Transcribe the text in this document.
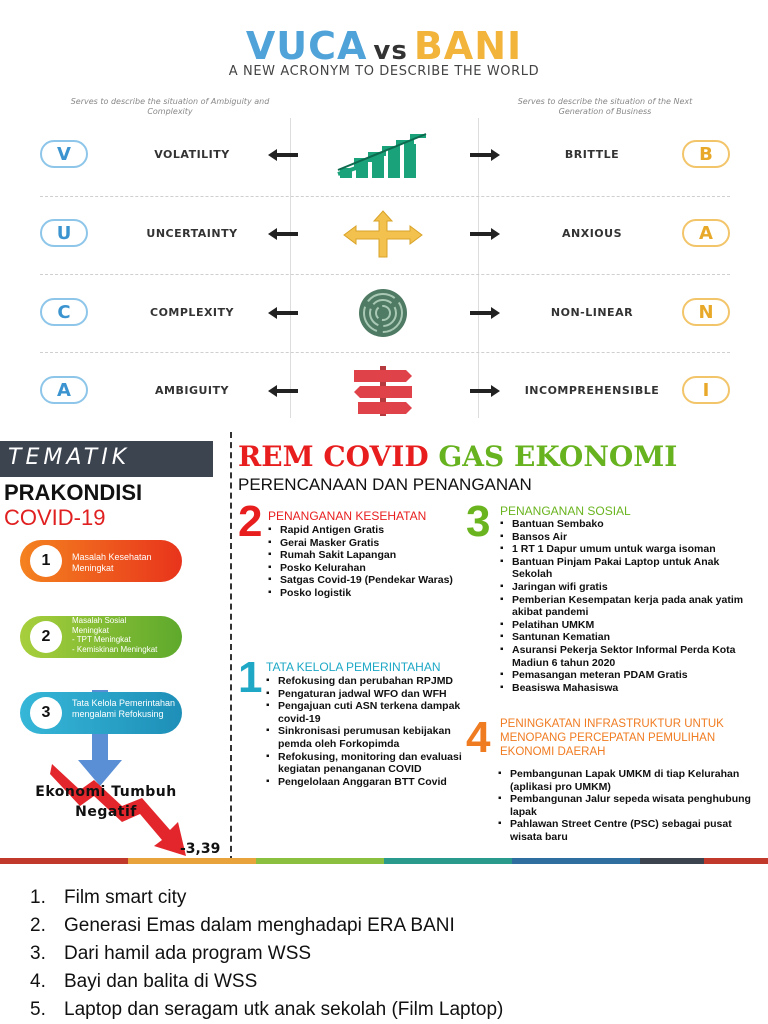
VUCA vs BANI
A NEW ACRONYM TO DESCRIBE THE WORLD
Serves to describe the situation of Ambiguity and Complexity
Serves to describe the situation of the Next Generation of Business
V	VOLATILITY	BRITTLE	B
U	UNCERTAINTY	ANXIOUS	A
C	COMPLEXITY	NON-LINEAR	N
A	AMBIGUITY	INCOMPREHENSIBLE	I
TEMATIK
PRAKONDISI
COVID-19
1	Masalah Kesehatan Meningkat
2
Masalah Sosial
Meningkat
- TPT Meningkat
- Kemiskinan Meningkat
3
Tata Kelola Pemerintahan mengalami Refokusing
Ekonomi Tumbuh
Negatif
-3,39
REM COVID GAS EKONOMI
PERENCANAAN DAN PENANGANAN
2 PENANGANAN KESEHATAN
▪ Rapid Antigen Gratis
▪ Gerai Masker Gratis
▪ Rumah Sakit Lapangan
▪ Posko Kelurahan
▪ Satgas Covid-19 (Pendekar Waras)
▪ Posko logistik
1 TATA KELOLA PEMERINTAHAN
▪ Refokusing dan perubahan RPJMD
▪ Pengaturan jadwal WFO dan WFH
▪ Pengajuan cuti ASN terkena dampak covid-19
▪ Sinkronisasi perumusan kebijakan pemda oleh Forkopimda
▪ Refokusing, monitoring dan evaluasi kegiatan penanganan COVID
▪ Pengelolaan Anggaran BTT Covid
3 PENANGANAN SOSIAL
▪ Bantuan Sembako
▪ Bansos Air
▪ 1 RT 1 Dapur umum untuk warga isoman
▪ Bantuan Pinjam Pakai Laptop untuk Anak Sekolah
▪ Jaringan wifi gratis
▪ Pemberian Kesempatan kerja pada anak yatim akibat pandemi
▪ Pelatihan UMKM
▪ Santunan Kematian
▪ Asuransi Pekerja Sektor Informal Perda Kota Madiun 6 tahun 2020
▪ Pemasangan meteran PDAM Gratis
▪ Beasiswa Mahasiswa
4 PENINGKATAN INFRASTRUKTUR UNTUK MENOPANG PERCEPATAN PEMULIHAN EKONOMI DAERAH
▪ Pembangunan Lapak UMKM di tiap Kelurahan (aplikasi pro UMKM)
▪ Pembangunan Jalur sepeda wisata penghubung lapak
▪ Pahlawan Street Centre (PSC) sebagai pusat wisata baru
1. Film smart city
2. Generasi Emas dalam menghadapi ERA BANI
3. Dari hamil ada program WSS
4. Bayi dan balita di WSS
5. Laptop dan seragam utk anak sekolah (Film Laptop)
